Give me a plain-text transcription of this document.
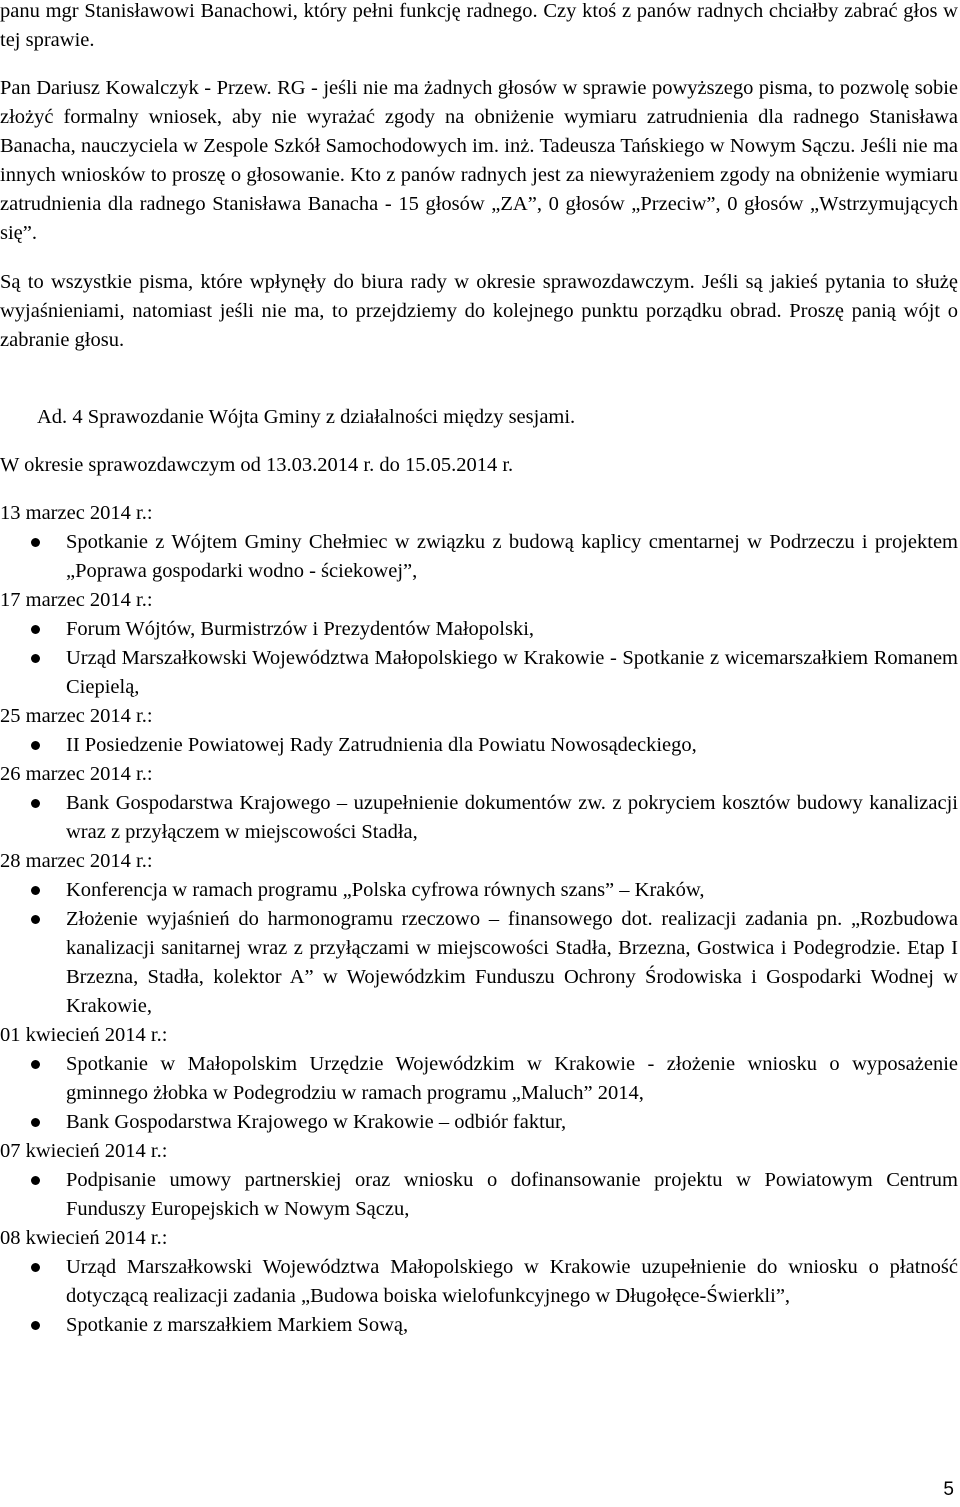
panu mgr Stanisławowi Banachowi, który pełni funkcję radnego. Czy ktoś z panów radnych chciałby zabrać głos w tej sprawie.

Pan Dariusz Kowalczyk - Przew. RG - jeśli nie ma żadnych głosów w sprawie powyższego pisma, to pozwolę sobie złożyć formalny wniosek, aby nie wyrażać zgody na obniżenie wymiaru zatrudnienia dla radnego Stanisława Banacha, nauczyciela w Zespole Szkół Samochodowych im. inż. Tadeusza Tańskiego w Nowym Sączu. Jeśli nie ma innych wniosków to proszę o głosowanie. Kto z panów radnych jest za niewyrażeniem zgody na obniżenie wymiaru zatrudnienia dla radnego Stanisława Banacha - 15 głosów „ZA”, 0 głosów „Przeciw”, 0 głosów „Wstrzymujących się”.

Są to wszystkie pisma, które wpłynęły do biura rady w okresie sprawozdawczym. Jeśli są jakieś pytania to służę wyjaśnieniami, natomiast jeśli nie ma, to przejdziemy do kolejnego punktu porządku obrad. Proszę panią wójt o zabranie głosu.

Ad. 4 Sprawozdanie Wójta Gminy z działalności między sesjami.

W okresie sprawozdawczym od 13.03.2014 r. do 15.05.2014 r.

13 marzec 2014 r.:
Spotkanie z Wójtem Gminy Chełmiec w związku z budową kaplicy cmentarnej w Podrzeczu i projektem „Poprawa gospodarki wodno - ściekowej”,
17 marzec 2014 r.:
Forum Wójtów, Burmistrzów i Prezydentów Małopolski,
Urząd Marszałkowski Województwa Małopolskiego w Krakowie - Spotkanie z wicemarszałkiem Romanem Ciepielą,
25 marzec 2014 r.:
II Posiedzenie Powiatowej Rady Zatrudnienia dla Powiatu Nowosądeckiego,
26 marzec 2014 r.:
Bank Gospodarstwa Krajowego – uzupełnienie dokumentów zw. z pokryciem kosztów budowy kanalizacji wraz z przyłączem w miejscowości Stadła,
28 marzec 2014 r.:
Konferencja w ramach programu „Polska cyfrowa równych szans” – Kraków,
Złożenie wyjaśnień do harmonogramu rzeczowo – finansowego dot. realizacji zadania pn. „Rozbudowa kanalizacji sanitarnej wraz z przyłączami w miejscowości Stadła, Brzezna, Gostwica i Podegrodzie. Etap I Brzezna, Stadła, kolektor A” w Wojewódzkim Funduszu Ochrony Środowiska i Gospodarki Wodnej w Krakowie,
01 kwiecień 2014 r.:
Spotkanie w Małopolskim Urzędzie Wojewódzkim w Krakowie - złożenie wniosku o wyposażenie gminnego żłobka w Podegrodziu w ramach programu „Maluch” 2014,
Bank Gospodarstwa Krajowego w Krakowie – odbiór faktur,
07 kwiecień 2014 r.:
Podpisanie umowy partnerskiej oraz wniosku o dofinansowanie projektu w Powiatowym Centrum Funduszy Europejskich w Nowym Sączu,
08 kwiecień 2014 r.:
Urząd Marszałkowski Województwa Małopolskiego w Krakowie uzupełnienie do wniosku o płatność dotyczącą realizacji zadania „Budowa boiska wielofunkcyjnego w Długołęce-Świerkli”,
Spotkanie z marszałkiem Markiem Sową,
5
